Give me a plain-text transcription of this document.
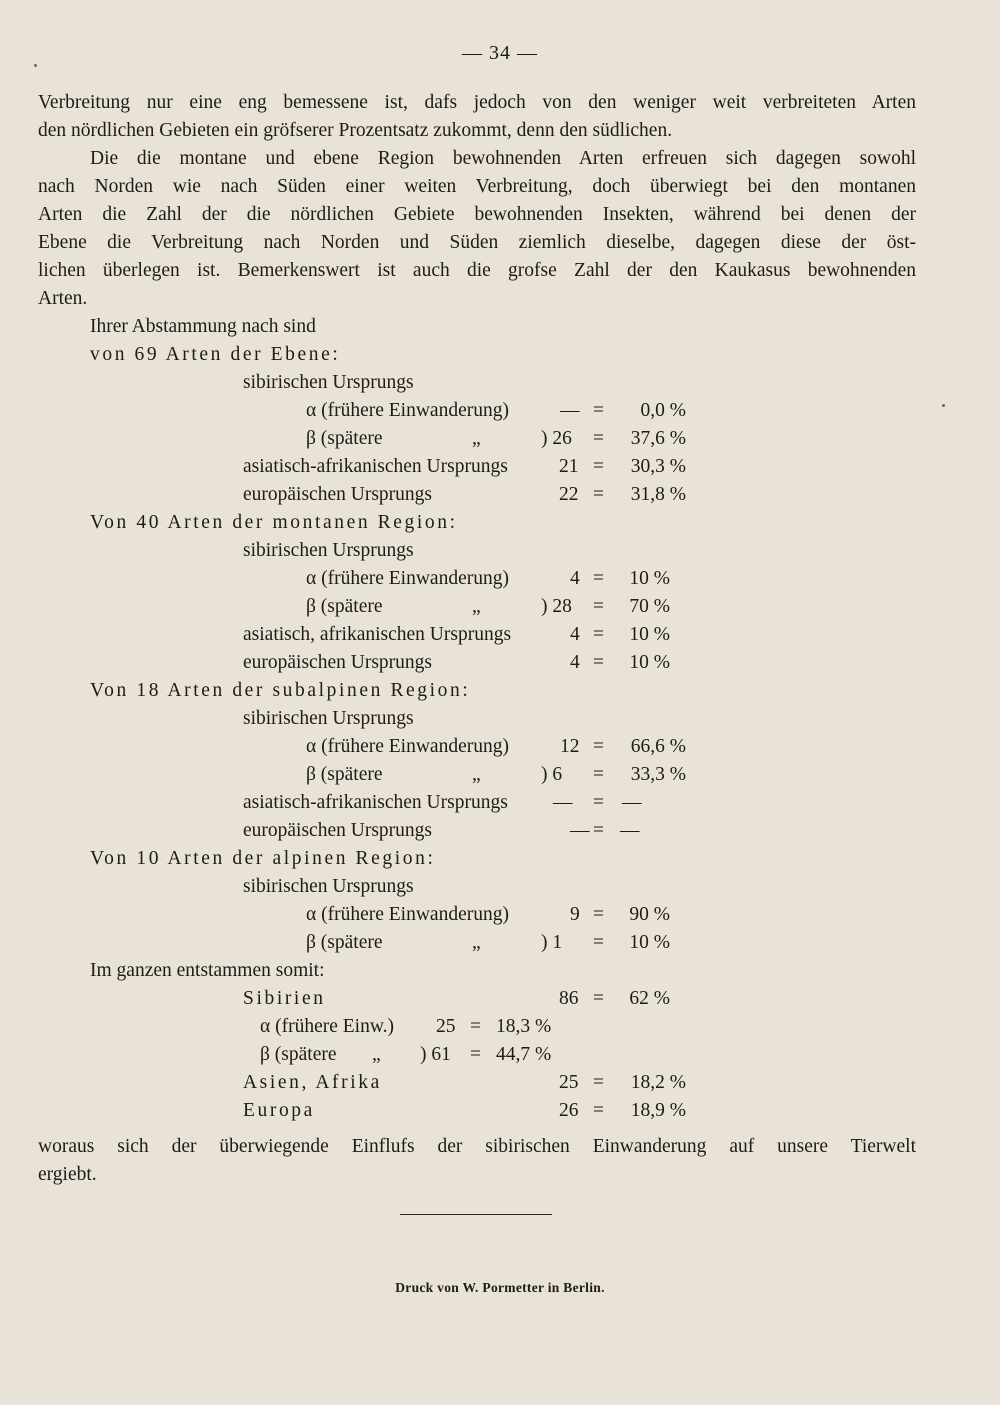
— 34 —
Verbreitung nur eine eng bemessene ist, dafs jedoch von den weniger weit verbreiteten Arten
den nördlichen Gebieten ein gröfserer Prozentsatz zukommt, denn den südlichen.
Die die montane und ebene Region bewohnenden Arten erfreuen sich dagegen sowohl
nach Norden wie nach Süden einer weiten Verbreitung, doch überwiegt bei den montanen
Arten die Zahl der die nördlichen Gebiete bewohnenden Insekten, während bei denen der
Ebene die Verbreitung nach Norden und Süden ziemlich dieselbe, dagegen diese der öst-
lichen überlegen ist. Bemerkenswert ist auch die grofse Zahl der den Kaukasus bewohnenden
Arten.
Ihrer Abstammung nach sind
von 69 Arten der Ebene:
sibirischen Ursprungs
α (frühere Einwanderung)	— = 0,0 %
β (spätere	„	) 26 = 37,6 %
asiatisch-afrikanischen Ursprungs	21 = 30,3 %
europäischen Ursprungs	22 = 31,8 %
Von 40 Arten der montanen Region:
sibirischen Ursprungs
α (frühere Einwanderung)	4 = 10 %
β (spätere	„	) 28 = 70 %
asiatisch, afrikanischen Ursprungs	4 = 10 %
europäischen Ursprungs	4 = 10 %
Von 18 Arten der subalpinen Region:
sibirischen Ursprungs
α (frühere Einwanderung)	12 = 66,6 %
β (spätere	„	) 6 = 33,3 %
asiatisch-afrikanischen Ursprungs — = —
europäischen Ursprungs	— = —
Von 10 Arten der alpinen Region:
sibirischen Ursprungs
α (frühere Einwanderung)	9 = 90 %
β (spätere	„	) 1 = 10 %
Im ganzen entstammen somit:
Sibirien	86 = 62 %
α (frühere Einw.) 25 = 18,3 %
β (spätere „ ) 61 = 44,7 %
Asien, Afrika	25 = 18,2 %
Europa	26 = 18,9 %
woraus sich der überwiegende Einflufs der sibirischen Einwanderung auf unsere Tierwelt
ergiebt.
Druck von W. Pormetter in Berlin.
